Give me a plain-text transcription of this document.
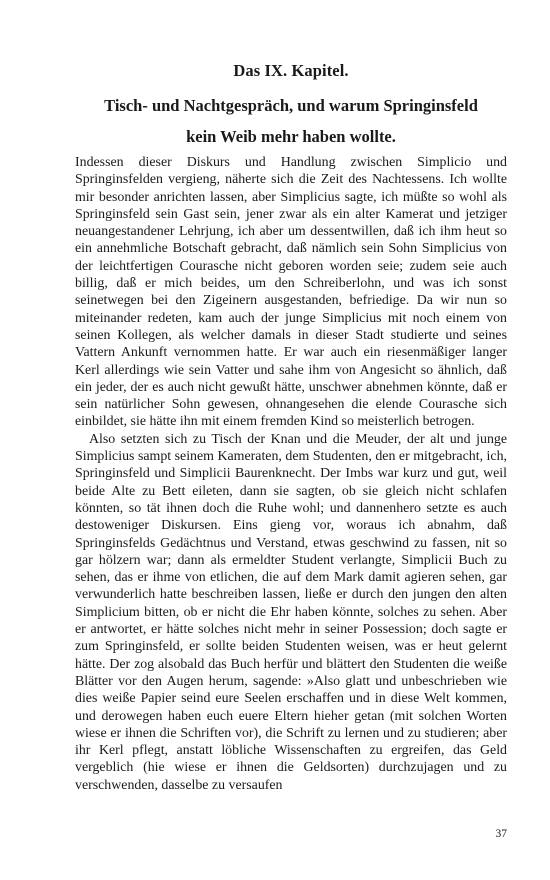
Das IX. Kapitel.
Tisch- und Nachtgespräch, und warum Springinsfeld
kein Weib mehr haben wollte.

Indessen dieser Diskurs und Handlung zwischen Simplicio und Springinsfelden vergieng, näherte sich die Zeit des Nachtessens. Ich wollte mir besonder anrichten lassen, aber Simplicius sagte, ich müßte so wohl als Springinsfeld sein Gast sein, jener zwar als ein alter Kamerat und jetziger neuangestandener Lehrjung, ich aber um dessentwillen, daß ich ihm heut so ein annehmliche Botschaft gebracht, daß nämlich sein Sohn Simplicius von der leichtfertigen Courasche nicht geboren worden seie; zudem seie auch billig, daß er mich beides, um den Schreiberlohn, und was ich sonst seinetwegen bei den Zigeinern ausgestanden, befriedige. Da wir nun so miteinander redeten, kam auch der junge Simplicius mit noch einem von seinen Kollegen, als welcher damals in dieser Stadt studierte und seines Vattern Ankunft vernommen hatte. Er war auch ein riesenmäßiger langer Kerl allerdings wie sein Vatter und sahe ihm von Angesicht so ähnlich, daß ein jeder, der es auch nicht gewußt hätte, unschwer abnehmen könnte, daß er sein natürlicher Sohn gewesen, ohnangesehen die elende Courasche sich einbildet, sie hätte ihn mit einem fremden Kind so meisterlich betrogen.

Also setzten sich zu Tisch der Knan und die Meuder, der alt und junge Simplicius sampt seinem Kameraten, dem Studenten, den er mitgebracht, ich, Springinsfeld und Simplicii Baurenknecht. Der Imbs war kurz und gut, weil beide Alte zu Bett eileten, dann sie sagten, ob sie gleich nicht schlafen könnten, so tät ihnen doch die Ruhe wohl; und dannenhero setzte es auch destoweniger Diskursen. Eins gieng vor, woraus ich abnahm, daß Springinsfelds Gedächtnus und Verstand, etwas geschwind zu fassen, nit so gar hölzern war; dann als ermeldter Student verlangte, Simplicii Buch zu sehen, das er ihme von etlichen, die auf dem Mark damit agieren sehen, gar verwunderlich hatte beschreiben lassen, ließe er durch den jungen den alten Simplicium bitten, ob er nicht die Ehr haben könnte, solches zu sehen. Aber er antwortet, er hätte solches nicht mehr in seiner Possession; doch sagte er zum Springinsfeld, er sollte beiden Studenten weisen, was er heut gelernt hätte. Der zog alsobald das Buch herfür und blättert den Studenten die weiße Blätter vor den Augen herum, sagende: »Also glatt und unbeschrieben wie dies weiße Papier seind eure Seelen erschaffen und in diese Welt kommen, und derowegen haben euch euere Eltern hieher getan (mit solchen Worten wiese er ihnen die Schriften vor), die Schrift zu lernen und zu studieren; aber ihr Kerl pflegt, anstatt löbliche Wissenschaften zu ergreifen, das Geld vergeblich (hie wiese er ihnen die Geldsorten) durchzujagen und zu verschwenden, dasselbe zu versaufen

37
